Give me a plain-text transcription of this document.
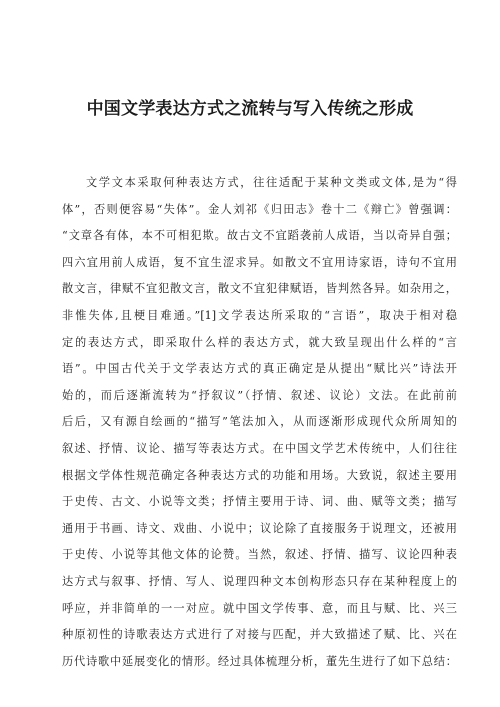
中国文学表达方式之流转与写入传统之形成
文学文本采取何种表达方式，往往适配于某种文类或文体,是为“得
体”，否则便容易“失体”。金人刘祁《归田志》卷十二《辩亡》曾强调：
“文章各有体，本不可相犯欺。故古文不宜蹈袭前人成语，当以奇异自强；
四六宜用前人成语，复不宜生涩求异。如散文不宜用诗家语，诗句不宜用
散文言，律赋不宜犯散文言，散文不宜犯律赋语，皆判然各异。如杂用之，
非惟失体,且梗目难通。”[1]文学表达所采取的“言语”，取决于相对稳
定的表达方式，即采取什么样的表达方式，就大致呈现出什么样的“言
语”。中国古代关于文学表达方式的真正确定是从提出“赋比兴”诗法开
始的，而后逐渐流转为“抒叙议”（抒情、叙述、议论）文法。在此前前
后后，又有源自绘画的“描写”笔法加入，从而逐渐形成现代众所周知的
叙述、抒情、议论、描写等表达方式。在中国文学艺术传统中，人们往往
根据文学体性规范确定各种表达方式的功能和用场。大致说，叙述主要用
于史传、古文、小说等文类；抒情主要用于诗、词、曲、赋等文类；描写
通用于书画、诗文、戏曲、小说中；议论除了直接服务于说理文，还被用
于史传、小说等其他文体的论赞。当然，叙述、抒情、描写、议论四种表
达方式与叙事、抒情、写人、说理四种文本创构形态只存在某种程度上的
呼应，并非简单的一一对应。就中国文学传事、意，而且与赋、比、兴三
种原初性的诗歌表达方式进行了对接与匹配，并大致描述了赋、比、兴在
历代诗歌中延展变化的情形。经过具体梳理分析，董先生进行了如下总结：
